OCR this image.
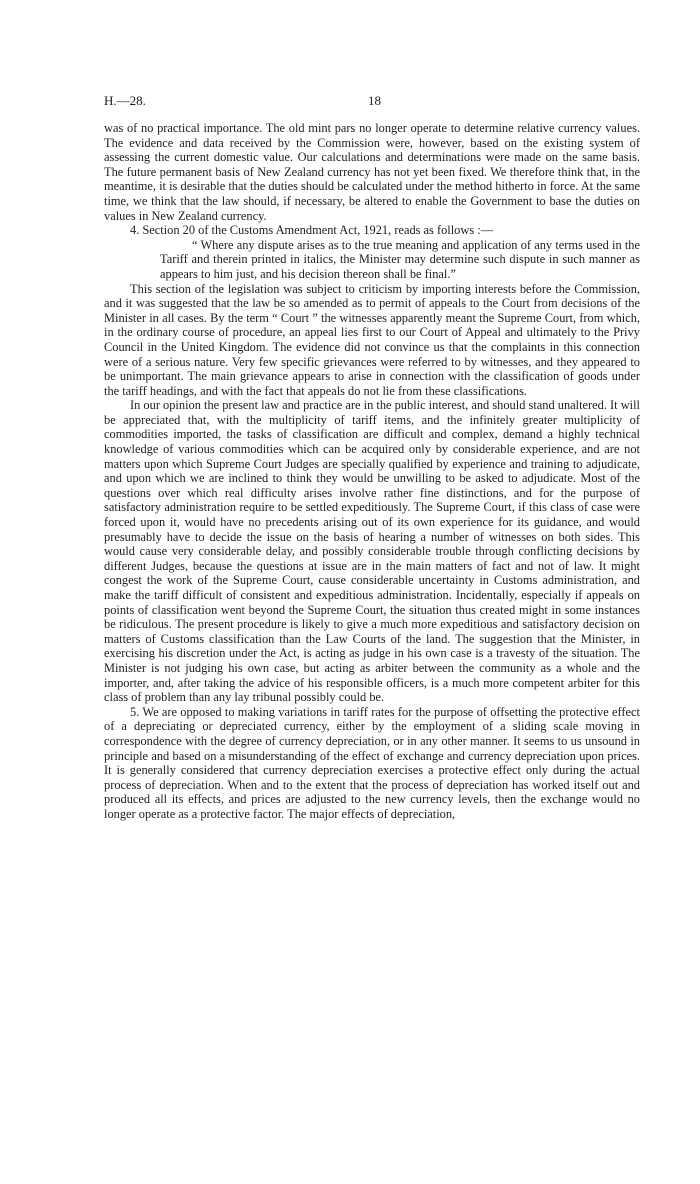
H.—28.	18

was of no practical importance. The old mint pars no longer operate to determine relative currency values. The evidence and data received by the Commission were, however, based on the existing system of assessing the current domestic value. Our calculations and determinations were made on the same basis. The future permanent basis of New Zealand currency has not yet been fixed. We therefore think that, in the meantime, it is desirable that the duties should be calculated under the method hitherto in force. At the same time, we think that the law should, if necessary, be altered to enable the Government to base the duties on values in New Zealand currency.

4. Section 20 of the Customs Amendment Act, 1921, reads as follows :—

“ Where any dispute arises as to the true meaning and application of any terms used in the Tariff and therein printed in italics, the Minister may determine such dispute in such manner as appears to him just, and his decision thereon shall be final.”

This section of the legislation was subject to criticism by importing interests before the Commission, and it was suggested that the law be so amended as to permit of appeals to the Court from decisions of the Minister in all cases. By the term “ Court ” the witnesses apparently meant the Supreme Court, from which, in the ordinary course of procedure, an appeal lies first to our Court of Appeal and ultimately to the Privy Council in the United Kingdom. The evidence did not convince us that the complaints in this connection were of a serious nature. Very few specific grievances were referred to by witnesses, and they appeared to be unimportant. The main grievance appears to arise in connection with the classification of goods under the tariff headings, and with the fact that appeals do not lie from these classifications.

In our opinion the present law and practice are in the public interest, and should stand unaltered. It will be appreciated that, with the multiplicity of tariff items, and the infinitely greater multiplicity of commodities imported, the tasks of classification are difficult and complex, demand a highly technical knowledge of various commodities which can be acquired only by considerable experience, and are not matters upon which Supreme Court Judges are specially qualified by experience and training to adjudicate, and upon which we are inclined to think they would be unwilling to be asked to adjudicate. Most of the questions over which real difficulty arises involve rather fine distinctions, and for the purpose of satisfactory administration require to be settled expeditiously. The Supreme Court, if this class of case were forced upon it, would have no precedents arising out of its own experience for its guidance, and would presumably have to decide the issue on the basis of hearing a number of witnesses on both sides. This would cause very considerable delay, and possibly considerable trouble through conflicting decisions by different Judges, because the questions at issue are in the main matters of fact and not of law. It might congest the work of the Supreme Court, cause considerable uncertainty in Customs administration, and make the tariff difficult of consistent and expeditious administration. Incidentally, especially if appeals on points of classification went beyond the Supreme Court, the situation thus created might in some instances be ridiculous. The present procedure is likely to give a much more expeditious and satisfactory decision on matters of Customs classification than the Law Courts of the land. The suggestion that the Minister, in exercising his discretion under the Act, is acting as judge in his own case is a travesty of the situation. The Minister is not judging his own case, but acting as arbiter between the community as a whole and the importer, and, after taking the advice of his responsible officers, is a much more competent arbiter for this class of problem than any lay tribunal possibly could be.

5. We are opposed to making variations in tariff rates for the purpose of offsetting the protective effect of a depreciating or depreciated currency, either by the employment of a sliding scale moving in correspondence with the degree of currency depreciation, or in any other manner. It seems to us unsound in principle and based on a misunderstanding of the effect of exchange and currency depreciation upon prices. It is generally considered that currency depreciation exercises a protective effect only during the actual process of depreciation. When and to the extent that the process of depreciation has worked itself out and produced all its effects, and prices are adjusted to the new currency levels, then the exchange would no longer operate as a protective factor. The major effects of depreciation,
